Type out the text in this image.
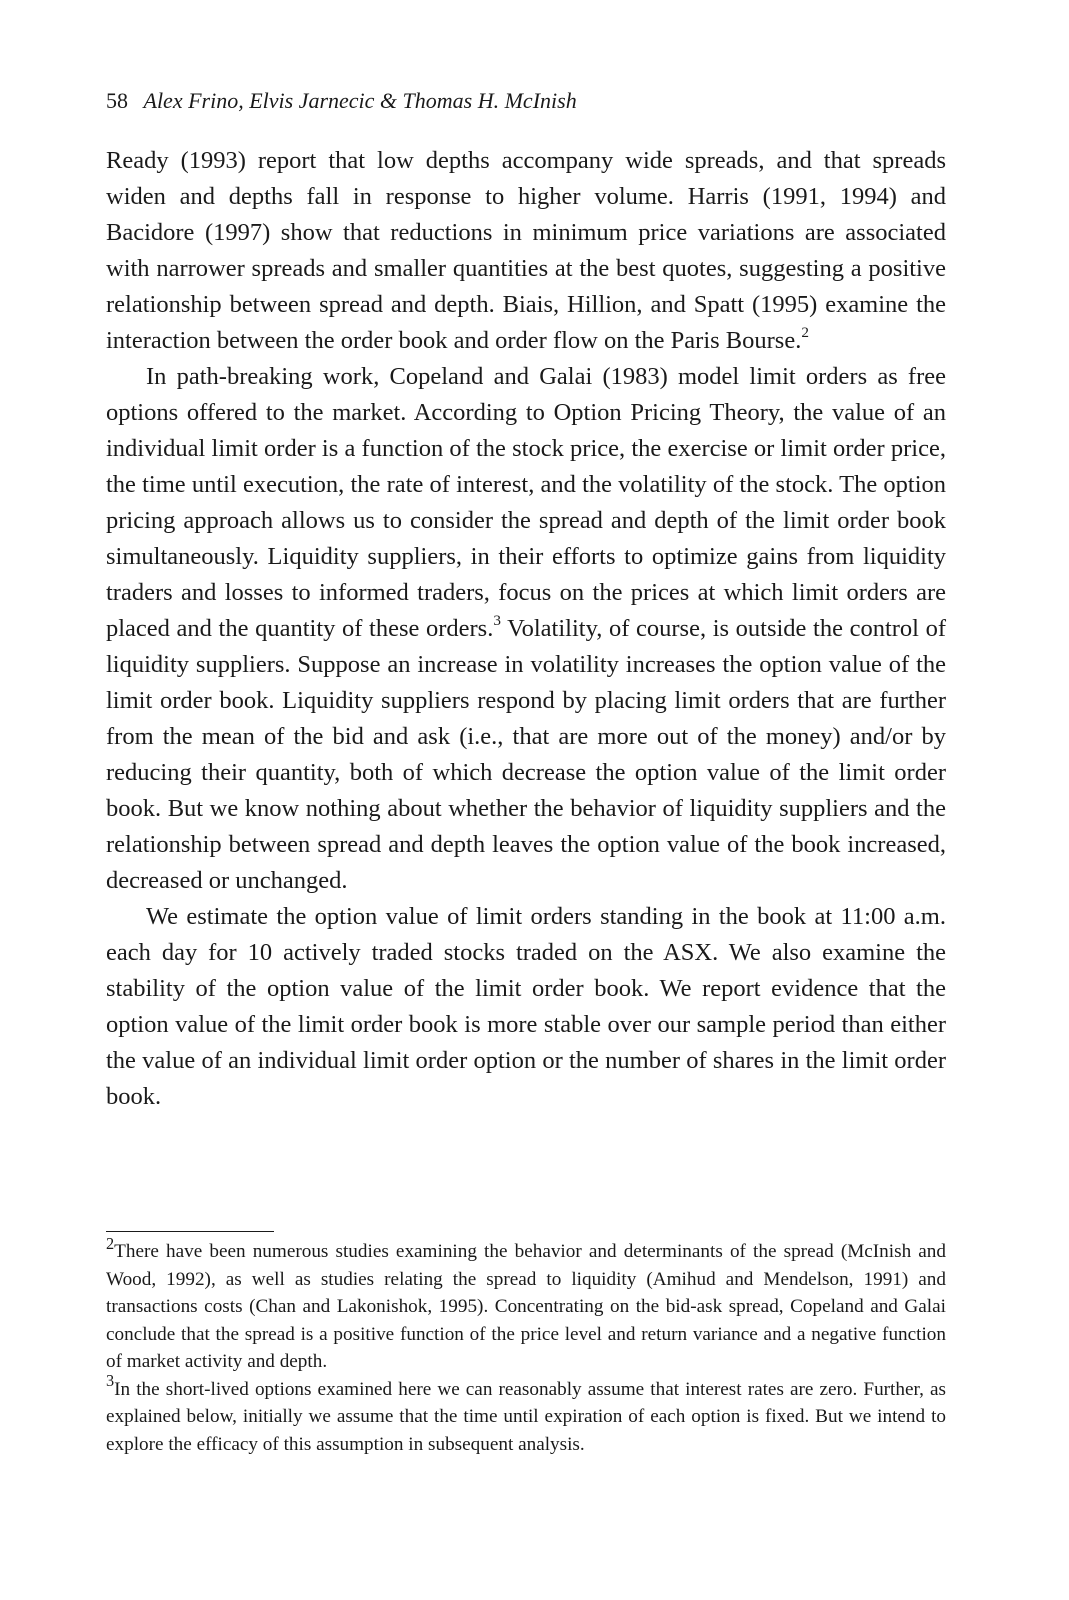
58 Alex Frino, Elvis Jarnecic & Thomas H. McInish

Ready (1993) report that low depths accompany wide spreads, and that spreads widen and depths fall in response to higher volume. Harris (1991, 1994) and Bacidore (1997) show that reductions in minimum price variations are associated with narrower spreads and smaller quantities at the best quotes, suggesting a positive relationship between spread and depth. Biais, Hillion, and Spatt (1995) examine the interaction between the order book and order flow on the Paris Bourse.$^2$

In path-breaking work, Copeland and Galai (1983) model limit orders as free options offered to the market. According to Option Pricing Theory, the value of an individual limit order is a function of the stock price, the exercise or limit order price, the time until execution, the rate of interest, and the volatility of the stock. The option pricing approach allows us to consider the spread and depth of the limit order book simultaneously. Liquidity suppliers, in their efforts to optimize gains from liquidity traders and losses to informed traders, focus on the prices at which limit orders are placed and the quantity of these orders.$^3$ Volatility, of course, is outside the control of liquidity suppliers. Suppose an increase in volatility increases the option value of the limit order book. Liquidity suppliers respond by placing limit orders that are further from the mean of the bid and ask (i.e., that are more out of the money) and/or by reducing their quantity, both of which decrease the option value of the limit order book. But we know nothing about whether the behavior of liquidity suppliers and the relationship between spread and depth leaves the option value of the book increased, decreased or unchanged.

We estimate the option value of limit orders standing in the book at 11:00 a.m. each day for 10 actively traded stocks traded on the ASX. We also examine the stability of the option value of the limit order book. We report evidence that the option value of the limit order book is more stable over our sample period than either the value of an individual limit order option or the number of shares in the limit order book.

$^2$There have been numerous studies examining the behavior and determinants of the spread (McInish and Wood, 1992), as well as studies relating the spread to liquidity (Amihud and Mendelson, 1991) and transactions costs (Chan and Lakonishok, 1995). Concentrating on the bid-ask spread, Copeland and Galai conclude that the spread is a positive function of the price level and return variance and a negative function of market activity and depth.

$^3$In the short-lived options examined here we can reasonably assume that interest rates are zero. Further, as explained below, initially we assume that the time until expiration of each option is fixed. But we intend to explore the efficacy of this assumption in subsequent analysis.
